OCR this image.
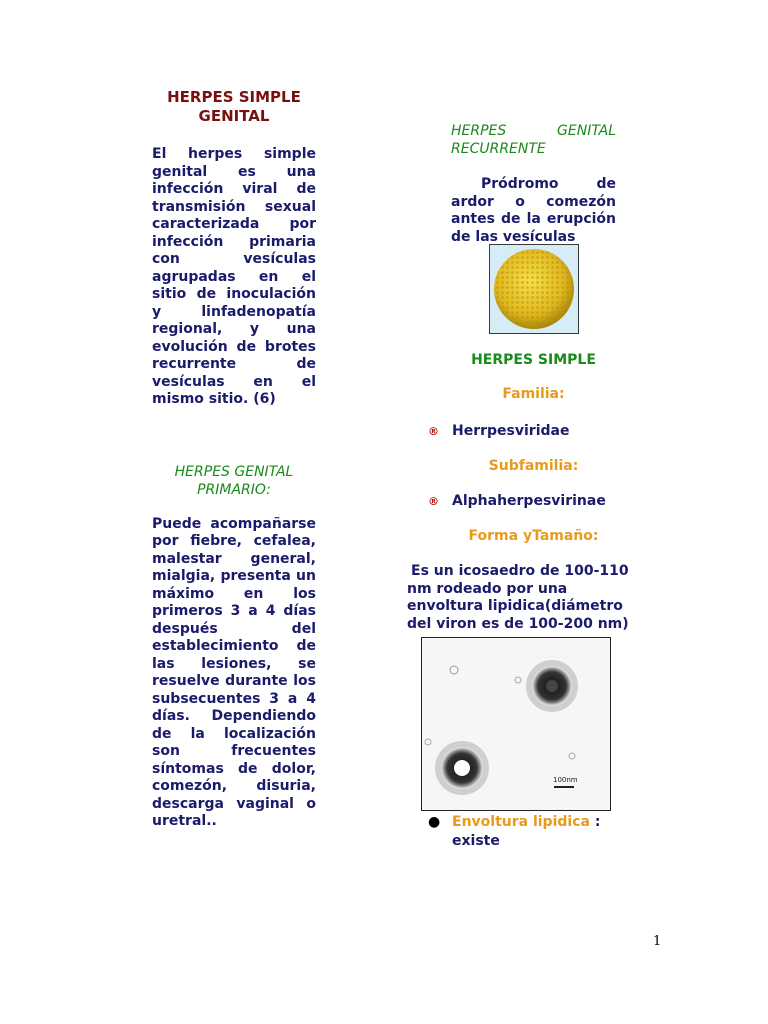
HERPES SIMPLE GENITAL

El herpes simple genital es una infección viral de transmisión sexual caracterizada por infección primaria con vesículas agrupadas en el sitio de inoculación y linfadenopatía regional, y una evolución de brotes recurrente de vesículas en el mismo sitio. (6)

HERPES GENITAL PRIMARIO:

Puede acompañarse por fiebre, cefalea, malestar general, mialgia, presenta un máximo en los primeros 3 a 4 días después del establecimiento de las lesiones, se resuelve durante los subsecuentes 3 a 4 días. Dependiendo de la localización son frecuentes síntomas de dolor, comezón, disuria, descarga vaginal o uretral..

HERPES GENITAL RECURRENTE

Pródromo de ardor o comezón antes de la erupción de las vesículas

HERPES SIMPLE

Familia:

® Herrpesviridae

Subfamilia:

® Alphaherpesvirinae

Forma yTamaño:

Es un icosaedro de 100-110 nm rodeado por una envoltura lipidica(diámetro del viron es de 100-200 nm)

100nm

● Envoltura lipidica :
existe

1
